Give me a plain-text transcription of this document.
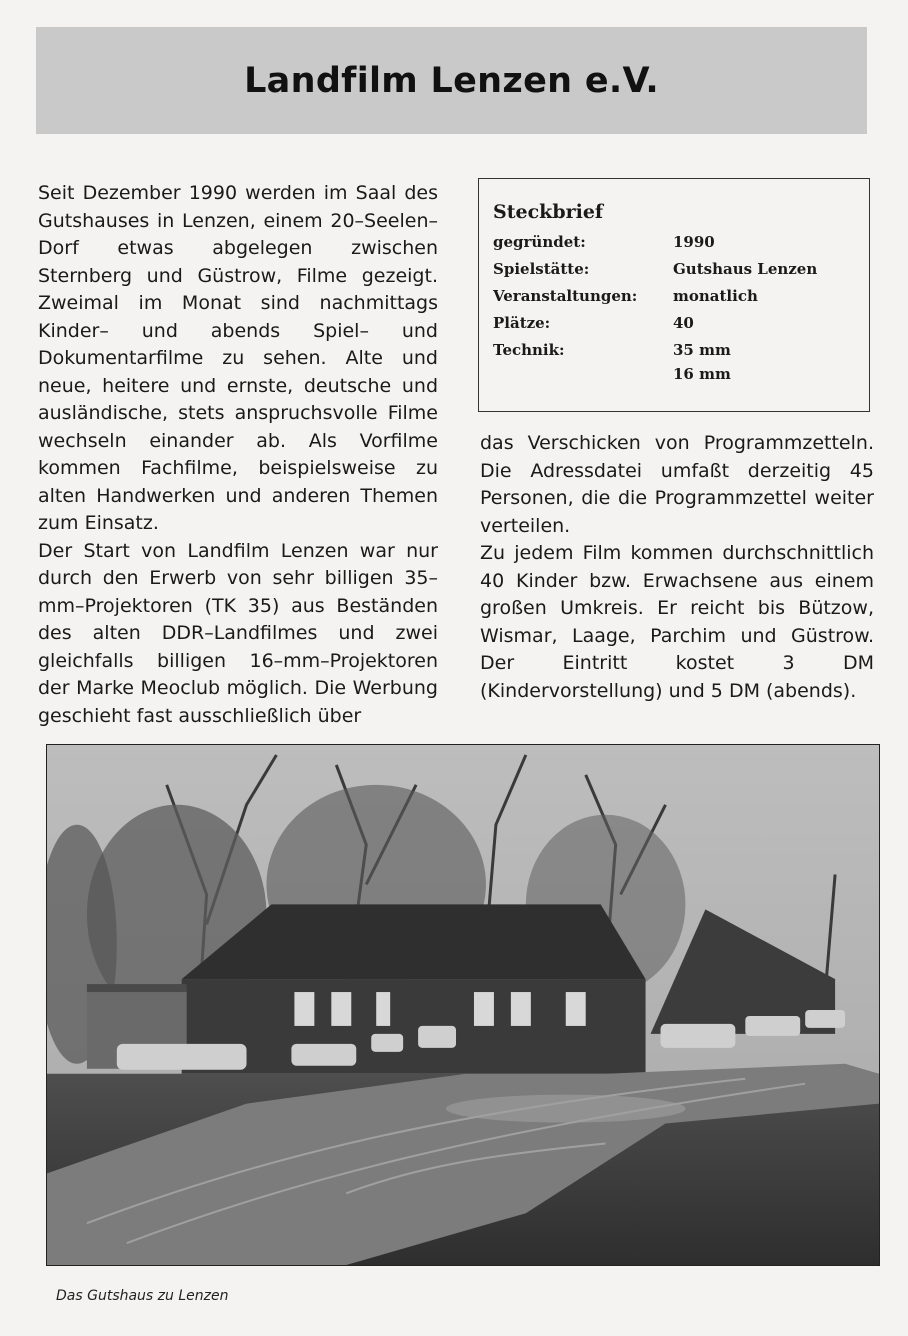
Landfilm Lenzen e.V.

Seit Dezember 1990 werden im Saal des Gutshauses in Lenzen, einem 20–Seelen–Dorf etwas abgelegen zwischen Sternberg und Güstrow, Filme gezeigt. Zweimal im Monat sind nachmittags Kinder– und abends Spiel– und Dokumentarfilme zu sehen. Alte und neue, heitere und ernste, deutsche und ausländische, stets anspruchsvolle Filme wechseln einander ab. Als Vorfilme kommen Fachfilme, beispielsweise zu alten Handwerken und anderen Themen zum Einsatz.

Der Start von Landfilm Lenzen war nur durch den Erwerb von sehr billigen 35–mm–Projektoren (TK 35) aus Beständen des alten DDR–Landfilmes und zwei gleichfalls billigen 16–mm–Projektoren der Marke Meoclub möglich. Die Werbung geschieht fast ausschließlich über

Steckbrief
gegründet:	1990
Spielstätte:	Gutshaus Lenzen
Veranstaltungen:	monatlich
Plätze:	40
Technik:	35 mm
16 mm

das Verschicken von Programmzetteln. Die Adressdatei umfaßt derzeitig 45 Personen, die die Programmzettel weiter verteilen.

Zu jedem Film kommen durchschnittlich 40 Kinder bzw. Erwachsene aus einem großen Umkreis. Er reicht bis Bützow, Wismar, Laage, Parchim und Güstrow. Der Eintritt kostet 3 DM (Kindervorstellung) und 5 DM (abends).

Das Gutshaus zu Lenzen
